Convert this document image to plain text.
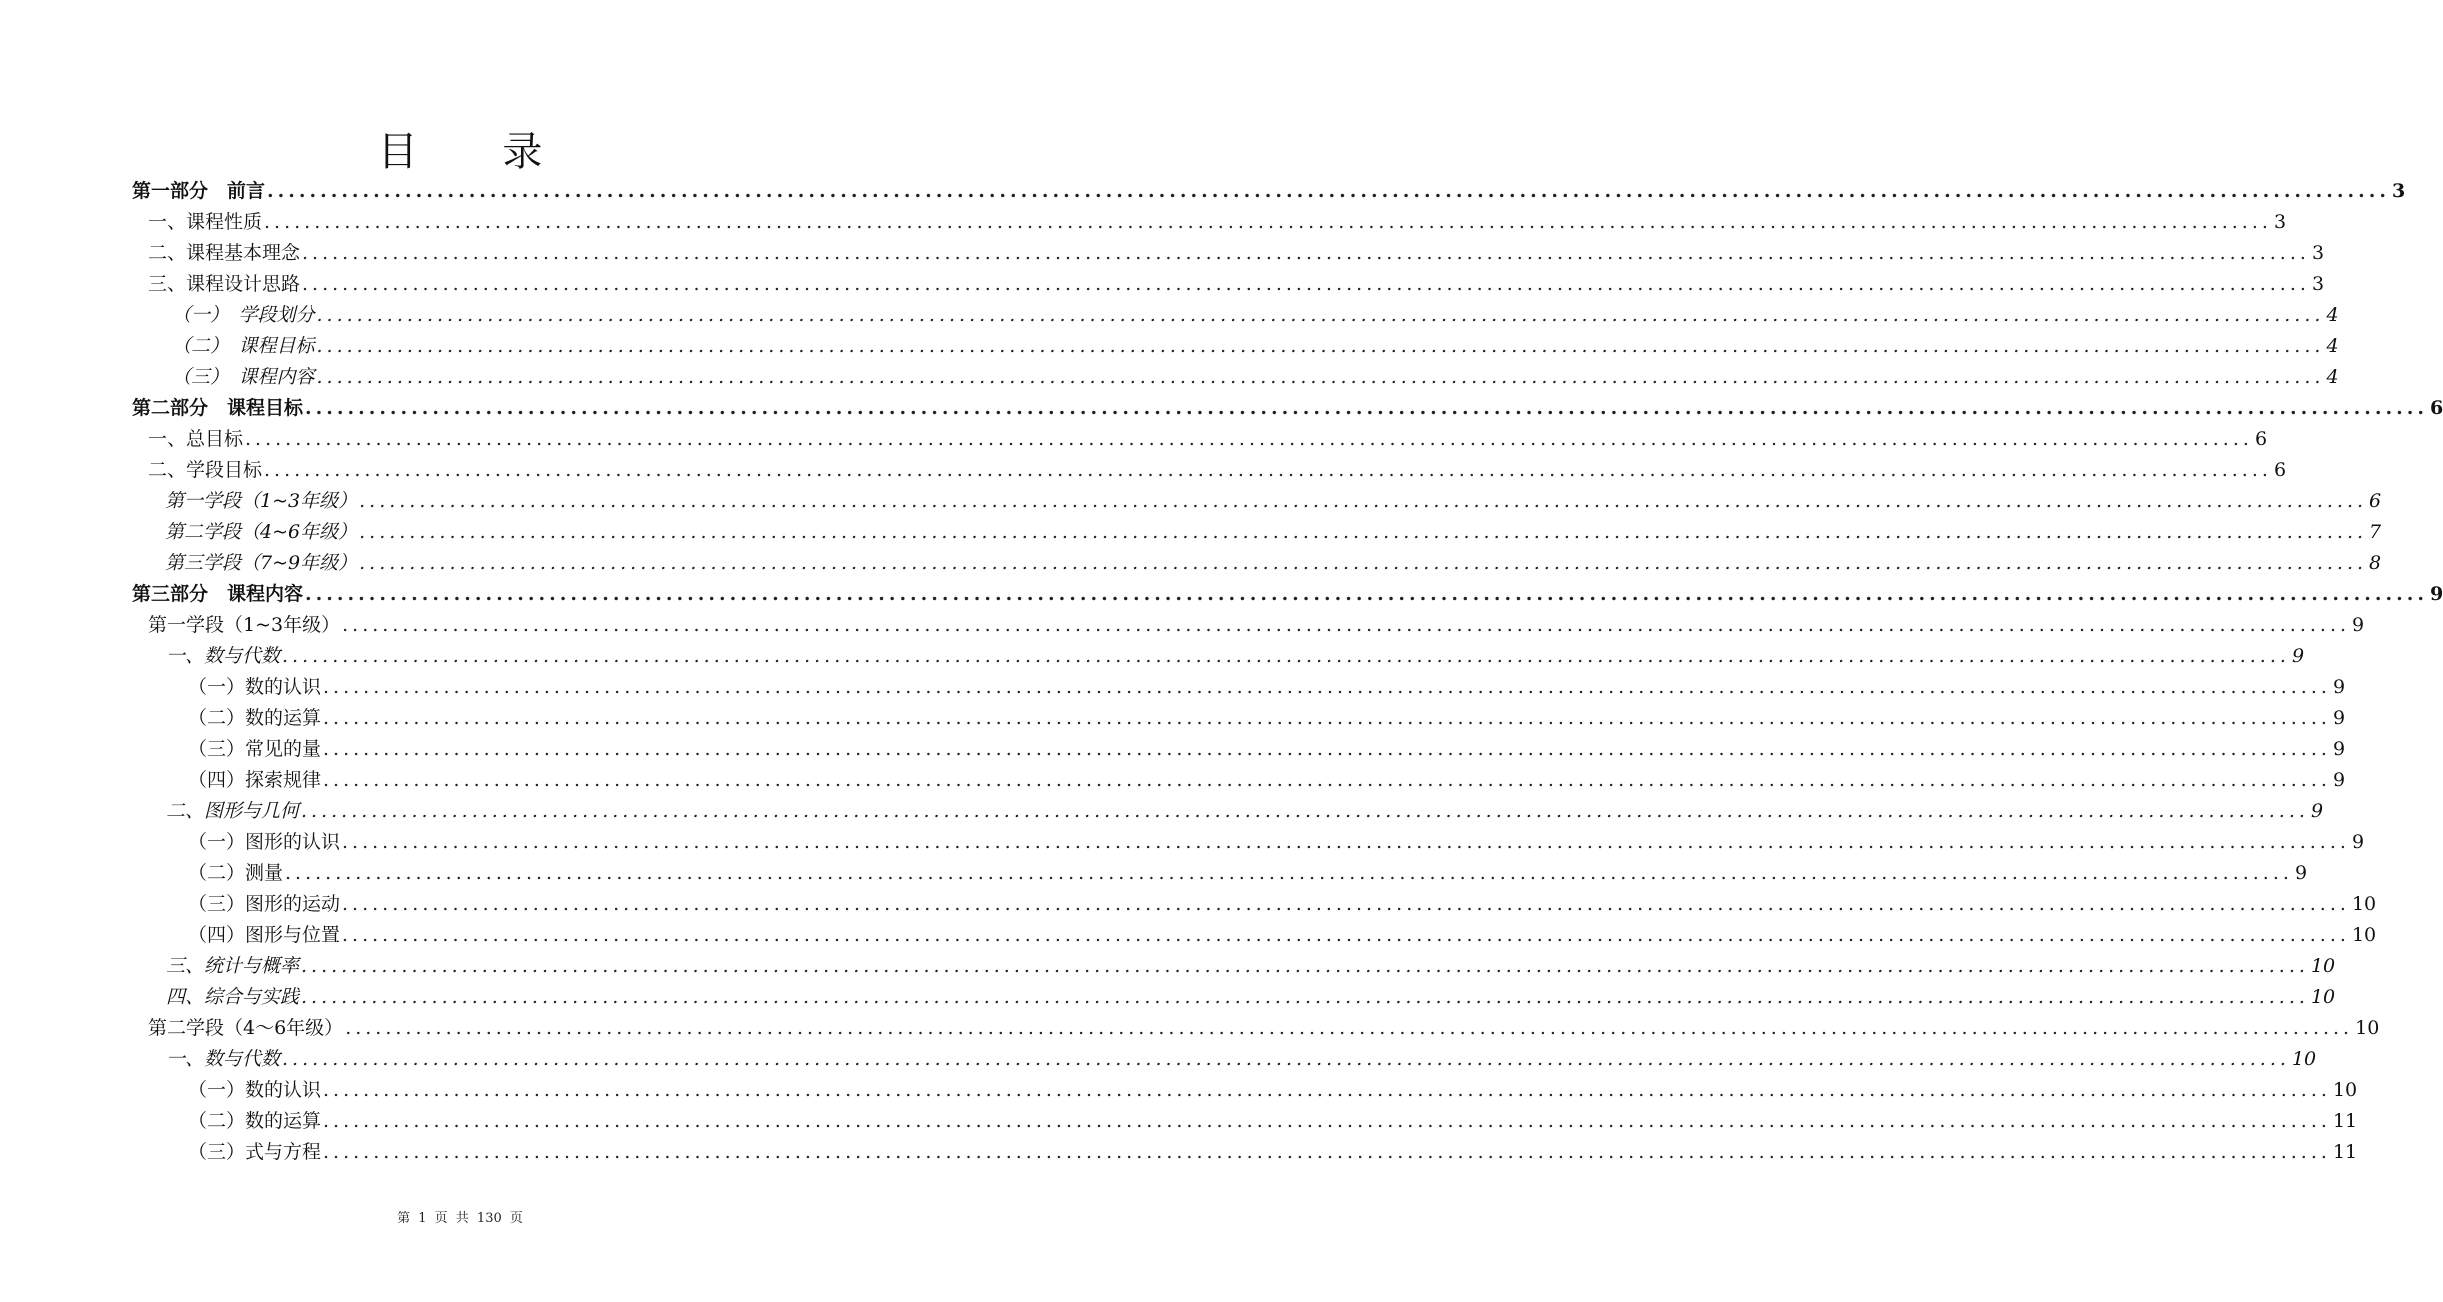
目 录
第一部分　前言 ........................................................................................................................................................................................................ 3
一、课程性质 ........................................................................................................................................................................................................ 3
二、课程基本理念 ........................................................................................................................................................................................................ 3
三、课程设计思路 ........................................................................................................................................................................................................ 3
（一）　学段划分 ........................................................................................................................................................................................................ 4
（二）　课程目标 ........................................................................................................................................................................................................ 4
（三）　课程内容 ........................................................................................................................................................................................................ 4
第二部分　课程目标 ........................................................................................................................................................................................................ 6
一、总目标 ........................................................................................................................................................................................................ 6
二、学段目标 ........................................................................................................................................................................................................ 6
第一学段（1~3年级） ........................................................................................................................................................................................................ 6
第二学段（4~6年级） ........................................................................................................................................................................................................ 7
第三学段（7~9年级） ........................................................................................................................................................................................................ 8
第三部分　课程内容 ........................................................................................................................................................................................................ 9
第一学段（1~3年级） ........................................................................................................................................................................................................ 9
一、数与代数 ........................................................................................................................................................................................................ 9
（一）数的认识 ........................................................................................................................................................................................................ 9
（二）数的运算 ........................................................................................................................................................................................................ 9
（三）常见的量 ........................................................................................................................................................................................................ 9
（四）探索规律 ........................................................................................................................................................................................................ 9
二、图形与几何 ........................................................................................................................................................................................................ 9
（一）图形的认识 ........................................................................................................................................................................................................ 9
（二）测量 ........................................................................................................................................................................................................ 9
（三）图形的运动 ........................................................................................................................................................................................................ 10
（四）图形与位置 ........................................................................................................................................................................................................ 10
三、统计与概率 ........................................................................................................................................................................................................ 10
四、综合与实践 ........................................................................................................................................................................................................ 10
第二学段（4～6年级） ........................................................................................................................................................................................................ 10
一、数与代数 ........................................................................................................................................................................................................ 10
（一）数的认识 ........................................................................................................................................................................................................ 10
（二）数的运算 ........................................................................................................................................................................................................ 11
（三）式与方程 ........................................................................................................................................................................................................ 11
第 1 页 共 130 页
